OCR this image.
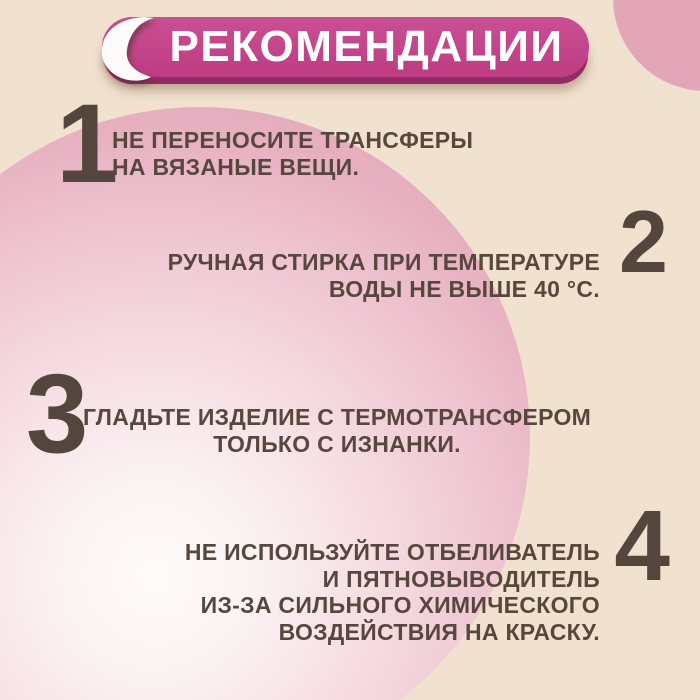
РЕКОМЕНДАЦИИ
1
НЕ ПЕРЕНОСИТЕ ТРАНСФЕРЫ
НА ВЯЗАНЫЕ ВЕЩИ.
2
РУЧНАЯ СТИРКА ПРИ ТЕМПЕРАТУРЕ
ВОДЫ НЕ ВЫШЕ 40 °С.
3
ГЛАДЬТЕ ИЗДЕЛИЕ С ТЕРМОТРАНСФЕРОМ
ТОЛЬКО С ИЗНАНКИ.
4
НЕ ИСПОЛЬЗУЙТЕ ОТБЕЛИВАТЕЛЬ
И ПЯТНОВЫВОДИТЕЛЬ
ИЗ-ЗА СИЛЬНОГО ХИМИЧЕСКОГО
ВОЗДЕЙСТВИЯ НА КРАСКУ.
